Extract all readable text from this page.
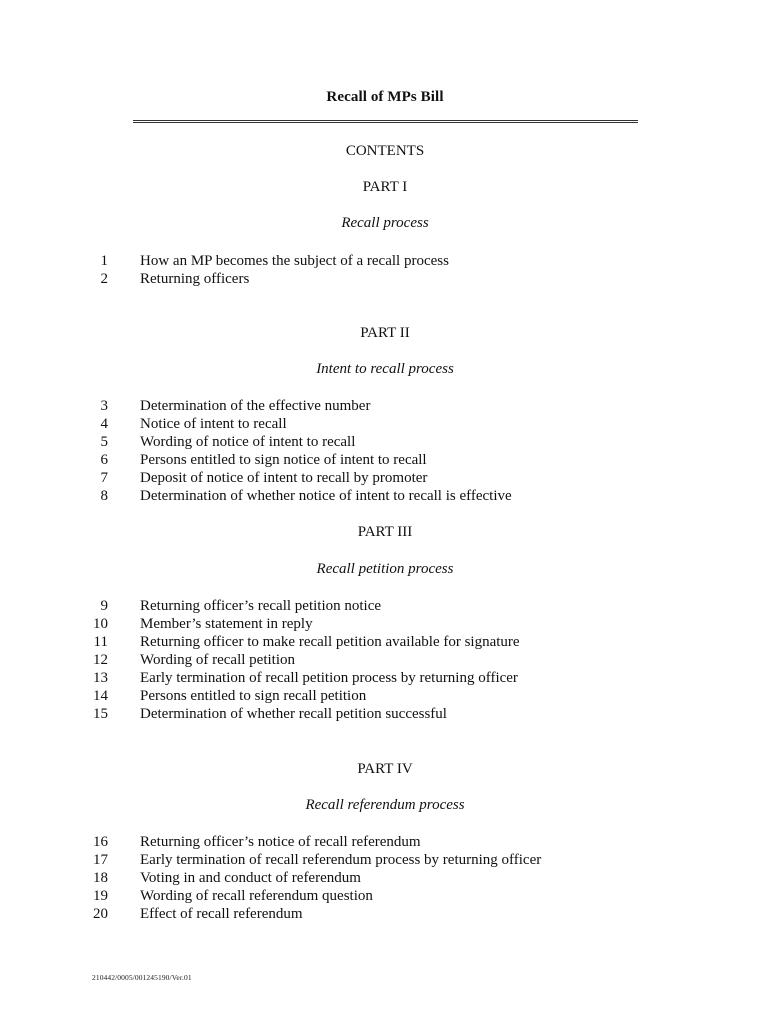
Recall of MPs Bill
CONTENTS
PART I
Recall process
1 How an MP becomes the subject of a recall process
2 Returning officers
PART II
Intent to recall process
3 Determination of the effective number
4 Notice of intent to recall
5 Wording of notice of intent to recall
6 Persons entitled to sign notice of intent to recall
7 Deposit of notice of intent to recall by promoter
8 Determination of whether notice of intent to recall is effective
PART III
Recall petition process
9 Returning officer’s recall petition notice
10 Member’s statement in reply
11 Returning officer to make recall petition available for signature
12 Wording of recall petition
13 Early termination of recall petition process by returning officer
14 Persons entitled to sign recall petition
15 Determination of whether recall petition successful
PART IV
Recall referendum process
16 Returning officer’s notice of recall referendum
17 Early termination of recall referendum process by returning officer
18 Voting in and conduct of referendum
19 Wording of recall referendum question
20 Effect of recall referendum
210442/0005/001245190/Ver.01
